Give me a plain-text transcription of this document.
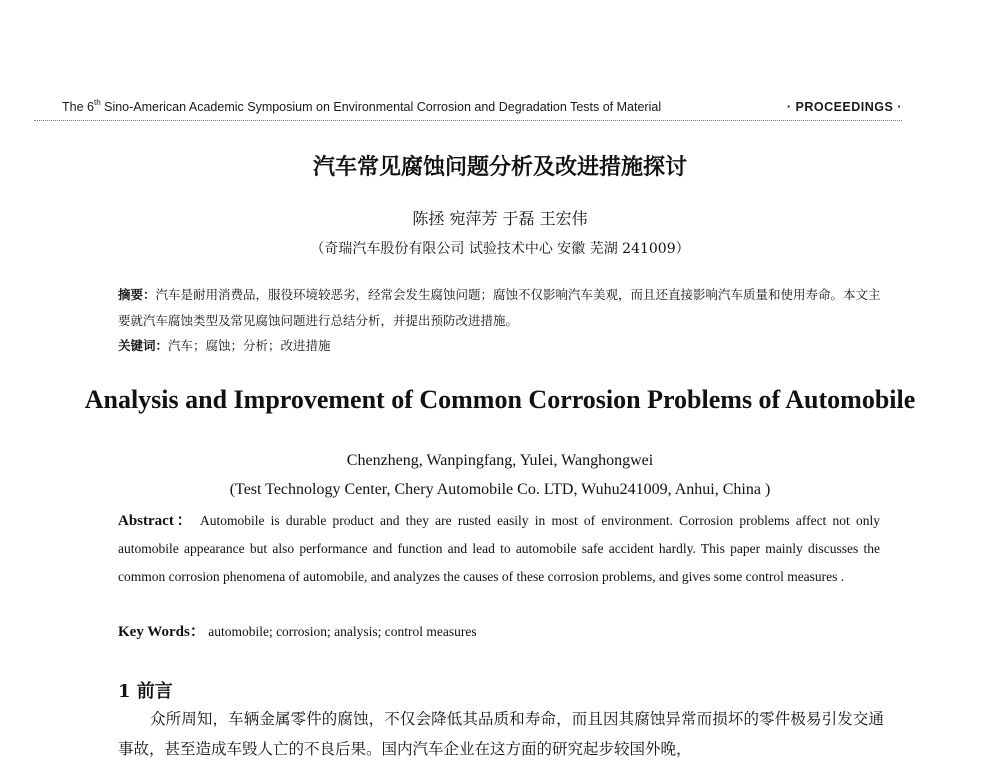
The 6th Sino-American Academic Symposium on Environmental Corrosion and Degradation Tests of Material	· PROCEEDINGS ·
汽车常见腐蚀问题分析及改进措施探讨
陈拯 宛萍芳 于磊 王宏伟
（奇瑞汽车股份有限公司 试验技术中心 安徽 芜湖 241009）
摘要：汽车是耐用消费品，服役环境较恶劣，经常会发生腐蚀问题；腐蚀不仅影响汽车美观，而且还直接影响汽车质量和使用寿命。本文主要就汽车腐蚀类型及常见腐蚀问题进行总结分析，并提出预防改进措施。
关键词：汽车；腐蚀；分析；改进措施
Analysis and Improvement of Common Corrosion Problems of Automobile
Chenzheng, Wanpingfang, Yulei, Wanghongwei
(Test Technology Center, Chery Automobile Co. LTD, Wuhu241009, Anhui, China )
Abstract： Automobile is durable product and they are rusted easily in most of environment. Corrosion problems affect not only automobile appearance but also performance and function and lead to automobile safe accident hardly. This paper mainly discusses the common corrosion phenomena of automobile, and analyzes the causes of these corrosion problems, and gives some control measures .
Key Words： automobile; corrosion; analysis; control measures
1 前言
众所周知，车辆金属零件的腐蚀，不仅会降低其品质和寿命，而且因其腐蚀异常而损坏的零件极易引发交通事故，甚至造成车毁人亡的不良后果。国内汽车企业在这方面的研究起步较国外晚，
